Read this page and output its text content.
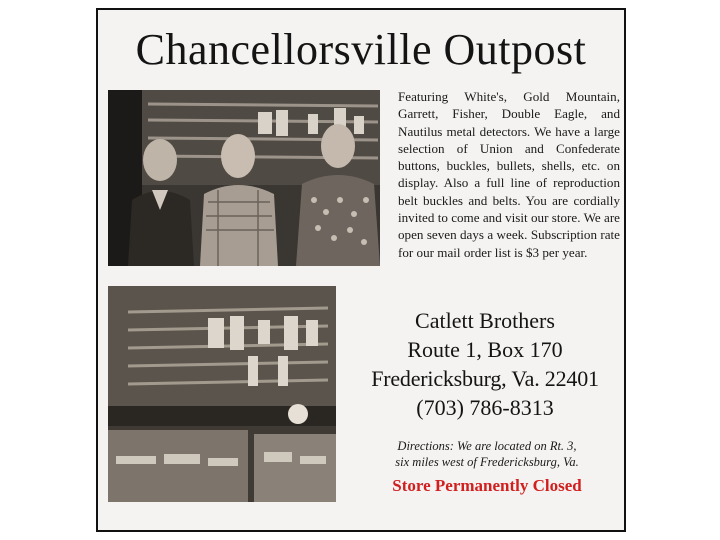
Chancellorsville Outpost
Featuring White's, Gold Mountain, Garrett, Fisher, Double Eagle, and Nautilus metal detectors. We have a large selection of Union and Confederate buttons, buckles, bullets, shells, etc. on display. Also a full line of reproduction belt buckles and belts. You are cordially invited to come and visit our store. We are open seven days a week. Subscription rate for our mail order list is $3 per year.
Catlett Brothers
Route 1, Box 170
Fredericksburg, Va. 22401
(703) 786-8313
Directions: We are located on Rt. 3,
six miles west of Fredericksburg, Va.
Store Permanently Closed
